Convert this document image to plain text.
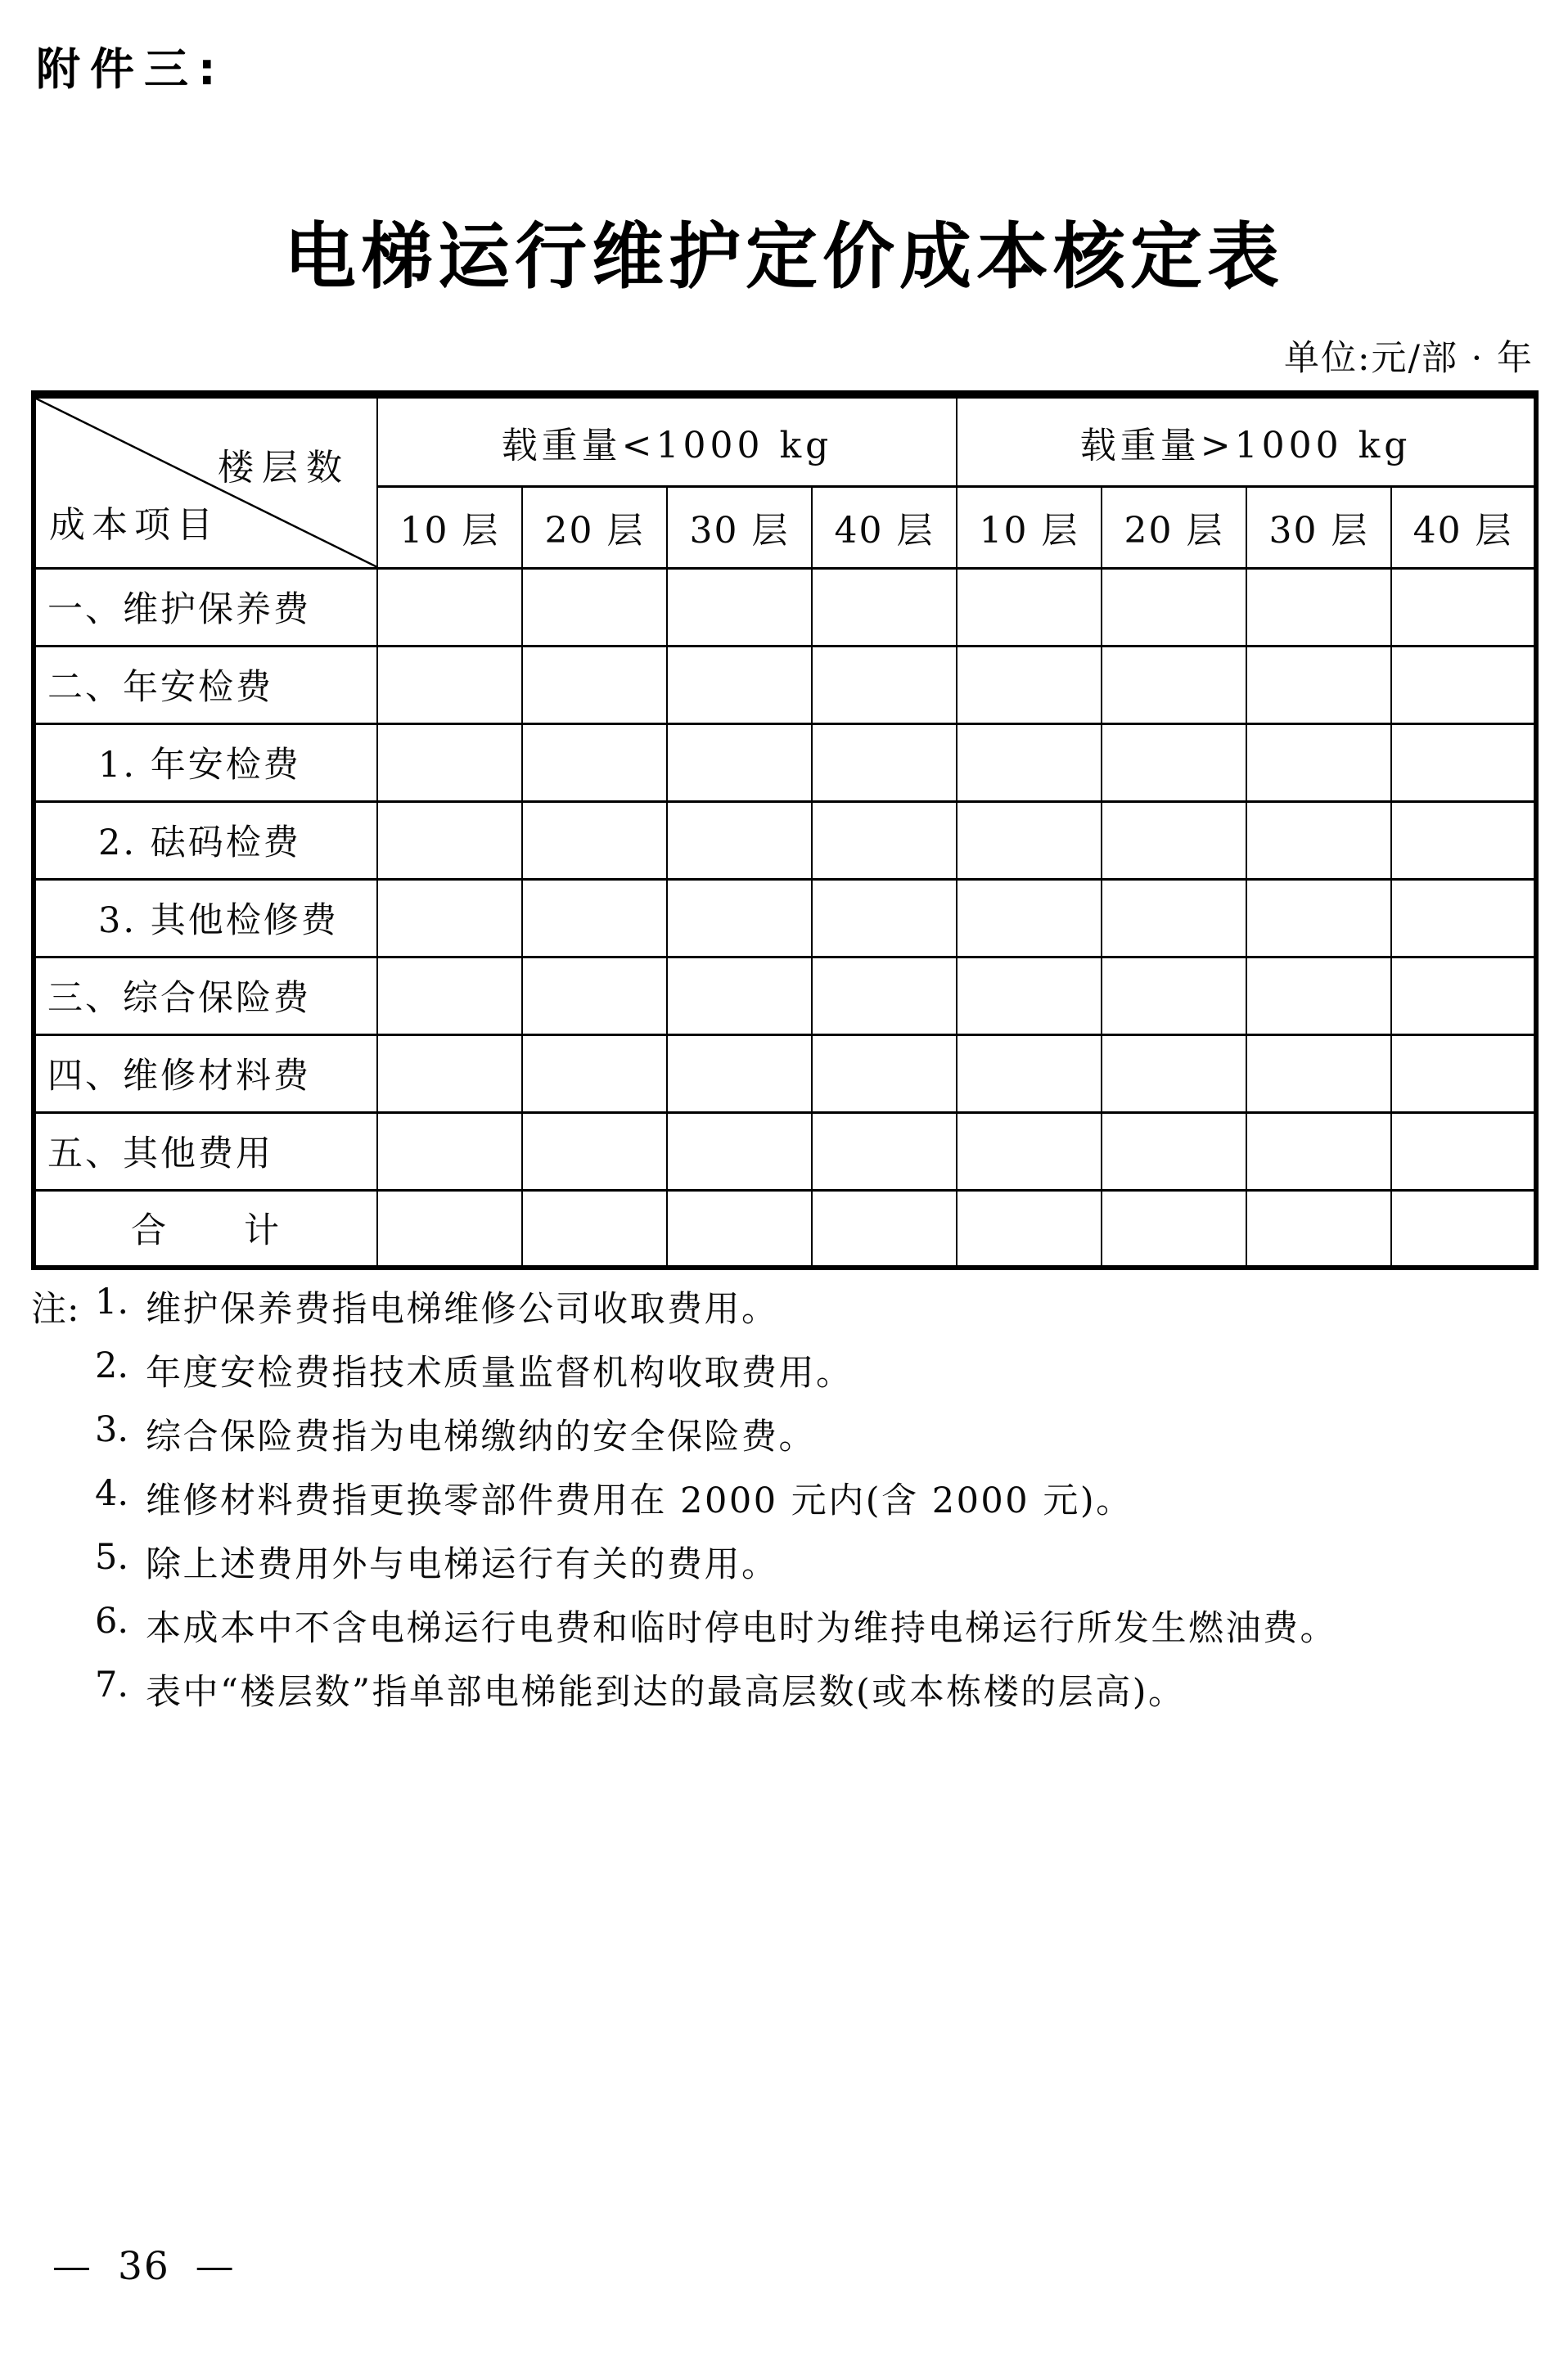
附件三:
电梯运行维护定价成本核定表
单位:元/部 · 年
楼层数
成本项目	载重量<1000 kg				载重量>1000 kg			
	10 层	20 层	30 层	40 层	10 层	20 层	30 层	40 层
一、维护保养费								
二、年安检费								
1. 年安检费								
2. 砝码检费								
3. 其他检修费								
三、综合保险费								
四、维修材料费								
五、其他费用								
合　　计								
注: 1. 维护保养费指电梯维修公司收取费用。
2. 年度安检费指技术质量监督机构收取费用。
3. 综合保险费指为电梯缴纳的安全保险费。
4. 维修材料费指更换零部件费用在 2000 元内(含 2000 元)。
5. 除上述费用外与电梯运行有关的费用。
6. 本成本中不含电梯运行电费和临时停电时为维持电梯运行所发生燃油费。
7. 表中“楼层数”指单部电梯能到达的最高层数(或本栋楼的层高)。
— 36 —
